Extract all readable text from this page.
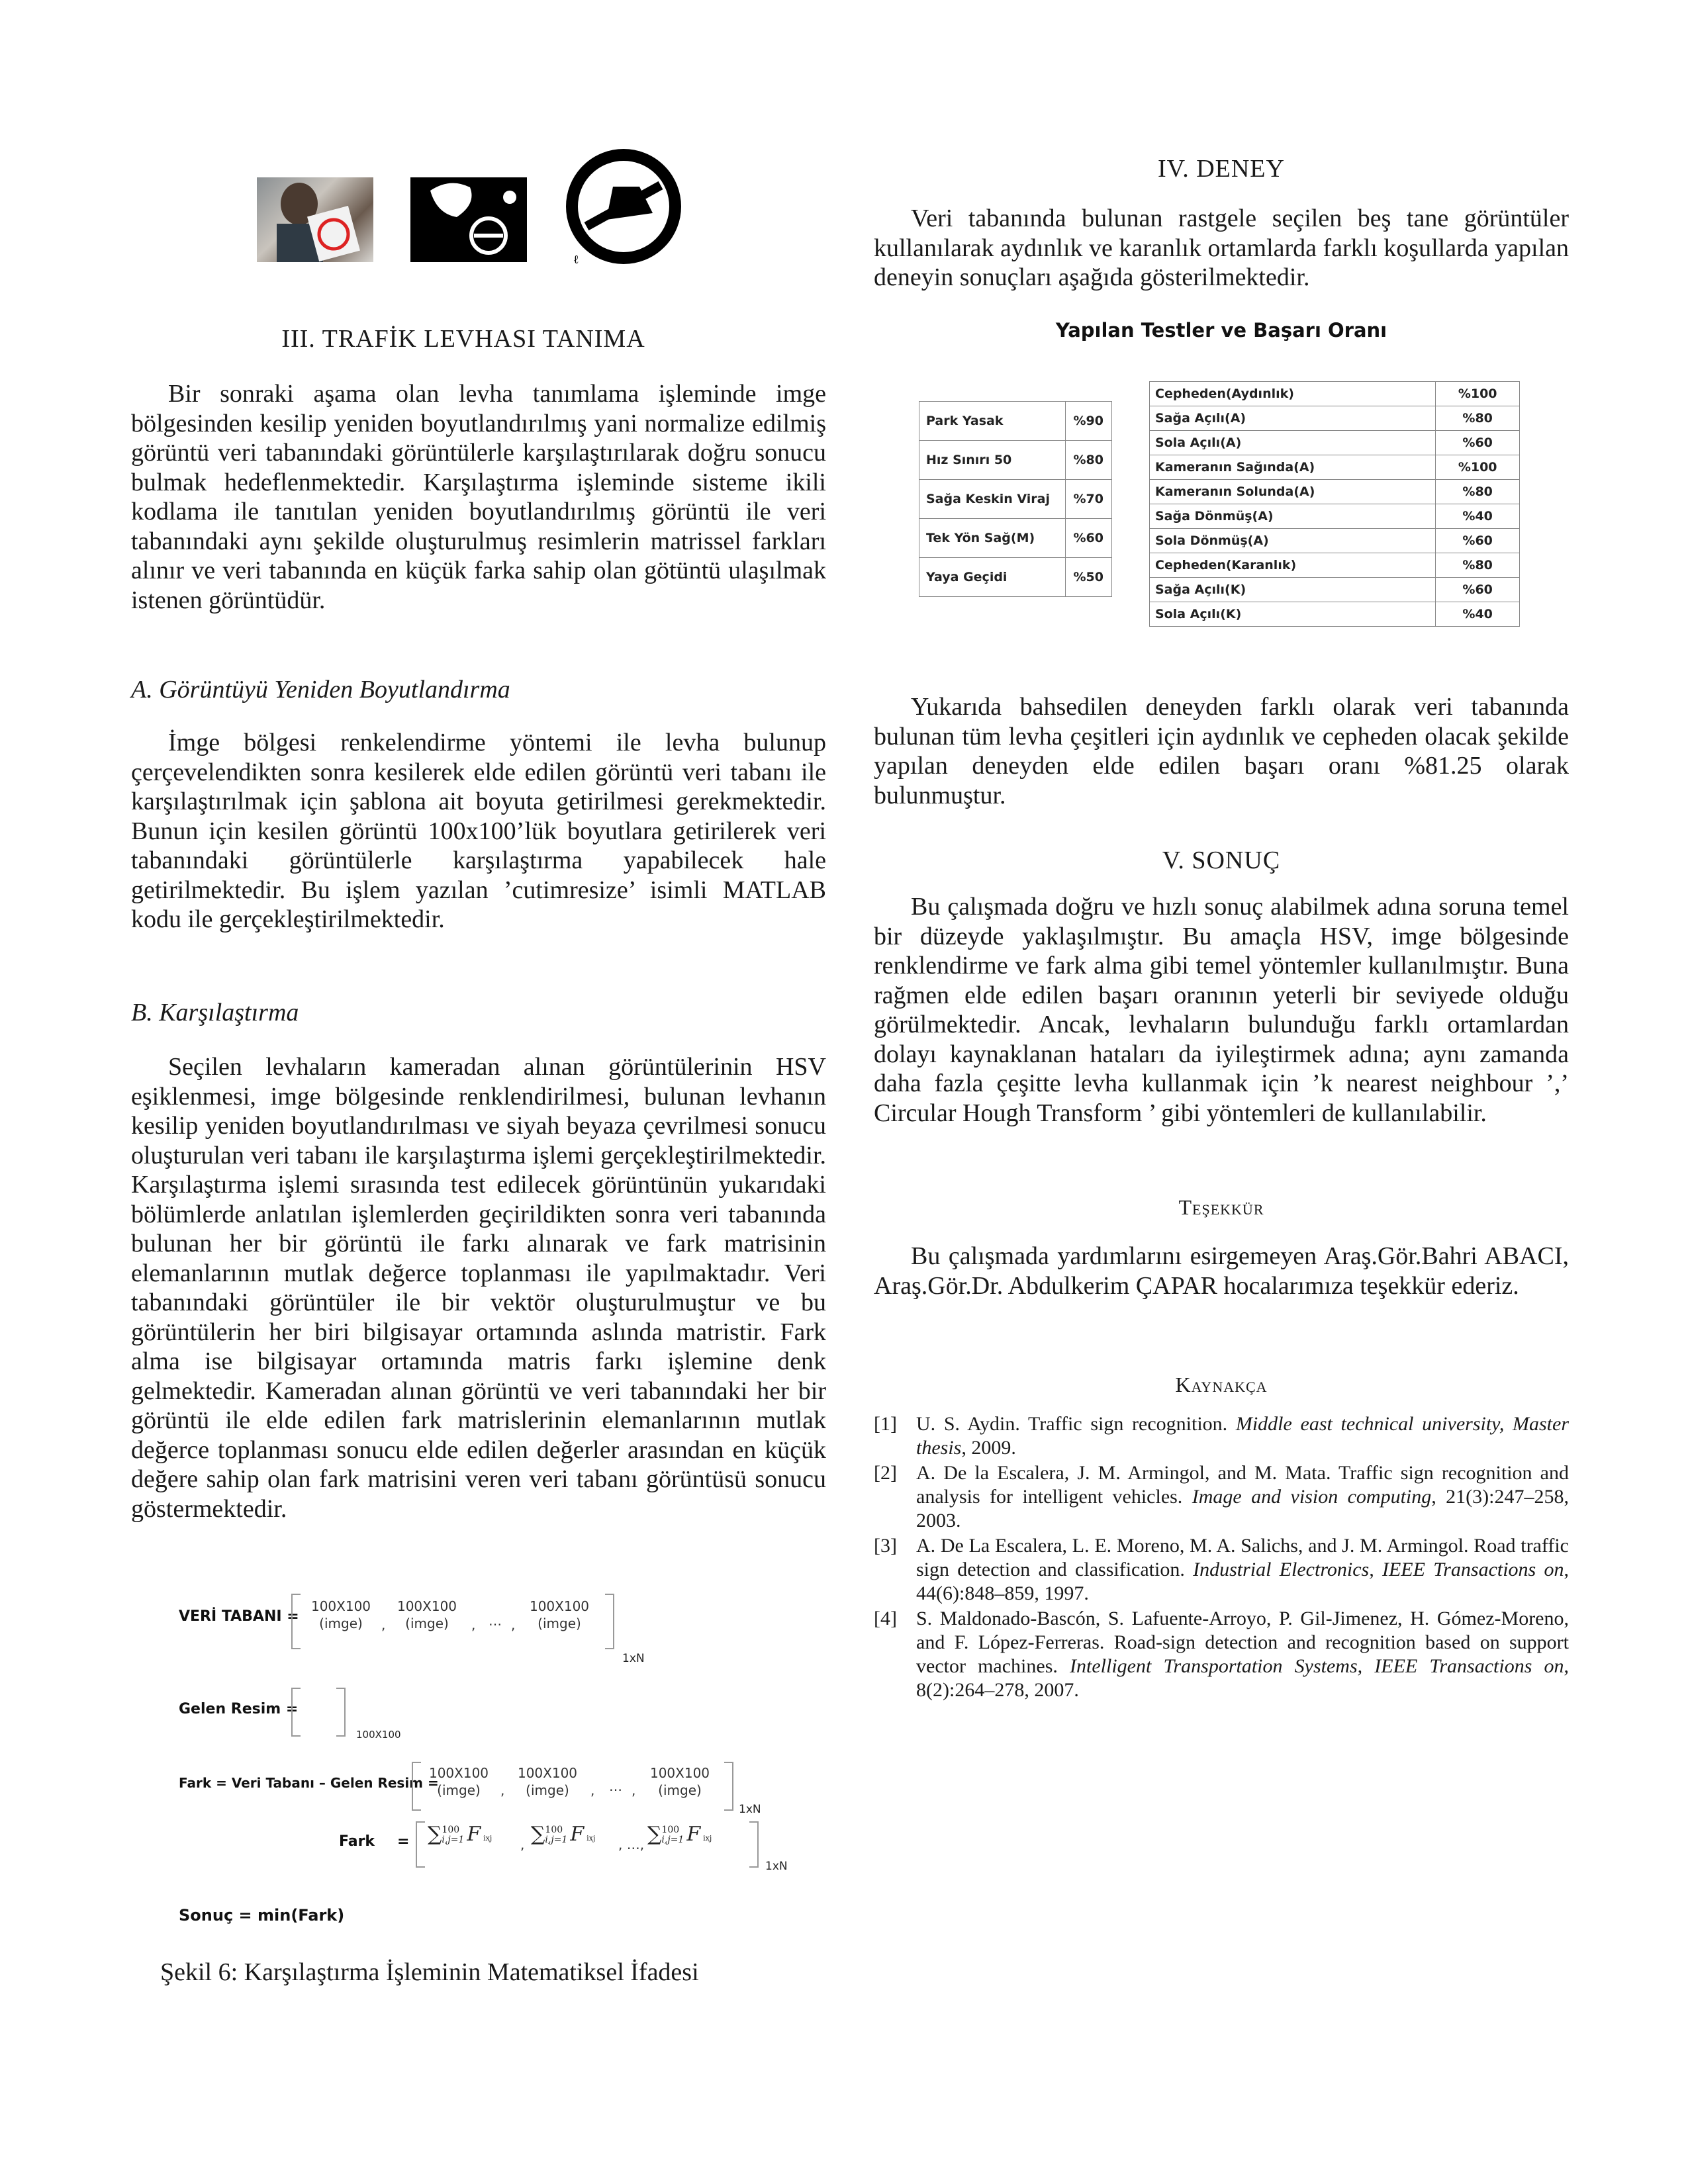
ℓ
III. TRAFİK LEVHASI TANIMA

Bir sonraki aşama olan levha tanımlama işleminde imge bölgesinden kesilip yeniden boyutlandırılmış yani normalize edilmiş görüntü veri tabanındaki görüntülerle karşılaştırılarak doğru sonucu bulmak hedeflenmektedir. Karşılaştırma işleminde sisteme ikili kodlama ile tanıtılan yeniden boyutlandırılmış görüntü ile veri tabanındaki aynı şekilde oluşturulmuş resimlerin matrissel farkları alınır ve veri tabanında en küçük farka sahip olan götüntü ulaşılmak istenen görüntüdür.

A. Görüntüyü Yeniden Boyutlandırma

İmge bölgesi renkelendirme yöntemi ile levha bulunup çerçevelendikten sonra kesilerek elde edilen görüntü veri tabanı ile karşılaştırılmak için şablona ait boyuta getirilmesi gerekmektedir. Bunun için kesilen görüntü 100x100’lük boyutlara getirilerek veri tabanındaki görüntülerle karşılaştırma yapabilecek hale getirilmektedir. Bu işlem yazılan ’cutimresize’ isimli MATLAB kodu ile gerçekleştirilmektedir.

B. Karşılaştırma

Seçilen levhaların kameradan alınan görüntülerinin HSV eşiklenmesi, imge bölgesinde renklendirilmesi, bulunan levhanın kesilip yeniden boyutlandırılması ve siyah beyaza çevrilmesi sonucu oluşturulan veri tabanı ile karşılaştırma işlemi gerçekleştirilmektedir. Karşılaştırma işlemi sırasında test edilecek görüntünün yukarıdaki bölümlerde anlatılan işlemlerden geçirildikten sonra veri tabanında bulunan her bir görüntü ile farkı alınarak ve fark matrisinin elemanlarının mutlak değerce toplanması ile yapılmaktadır. Veri tabanındaki görüntüler ile bir vektör oluşturulmuştur ve bu görüntülerin her biri bilgisayar ortamında aslında matristir. Fark alma ise bilgisayar ortamında matris farkı işlemine denk gelmektedir. Kameradan alınan görüntü ve veri tabanındaki her bir görüntü ile elde edilen fark matrislerinin elemanlarının mutlak değerce toplanması sonucu elde edilen değerler arasından en küçük değere sahip olan fark matrisini veren veri tabanı görüntüsü sonucu göstermektedir.

VERİ TABANI =
100X100
(imge)	,
100X100
(imge)	, … ,
100X100
(imge)
1xN
Gelen Resim =
100X100
Fark = Veri Tabanı – Gelen Resim =
100X100
(imge)	,
100X100
(imge)	, … ,
100X100
(imge)
1xN
Fark = ∑ 100
i,j=1 F ixj , ∑ 100
i,j=1 F ixj , …, ∑ 100
i,j=1 F ixj
1xN
Sonuç = min(Fark)
Şekil 6: Karşılaştırma İşleminin Matematiksel İfadesi
IV. DENEY

Veri tabanında bulunan rastgele seçilen beş tane görüntüler kullanılarak aydınlık ve karanlık ortamlarda farklı koşullarda yapılan deneyin sonuçları aşağıda gösterilmektedir.

Yapılan Testler ve Başarı Oranı
Park Yasak	%90
Hız Sınırı 50	%80
Sağa Keskin Viraj	%70
Tek Yön Sağ(M)	%60
Yaya Geçidi	%50
Cepheden(Aydınlık)	%100
Sağa Açılı(A)	%80
Sola Açılı(A)	%60
Kameranın Sağında(A)	%100
Kameranın Solunda(A)	%80
Sağa Dönmüş(A)	%40
Sola Dönmüş(A)	%60
Cepheden(Karanlık)	%80
Sağa Açılı(K)	%60
Sola Açılı(K)	%40

Yukarıda bahsedilen deneyden farklı olarak veri tabanında bulunan tüm levha çeşitleri için aydınlık ve cepheden olacak şekilde yapılan deneyden elde edilen başarı oranı %81.25 olarak bulunmuştur.

V. SONUÇ

Bu çalışmada doğru ve hızlı sonuç alabilmek adına soruna temel bir düzeyde yaklaşılmıştır. Bu amaçla HSV, imge bölgesinde renklendirme ve fark alma gibi temel yöntemler kullanılmıştır. Buna rağmen elde edilen başarı oranının yeterli bir seviyede olduğu görülmektedir. Ancak, levhaların bulunduğu farklı ortamlardan dolayı kaynaklanan hataları da iyileştirmek adına; aynı zamanda daha fazla çeşitte levha kullanmak için ’k nearest neighbour ’,’ Circular Hough Transform ’ gibi yöntemleri de kullanılabilir.

Teşekkür

Bu çalışmada yardımlarını esirgemeyen Araş.Gör.Bahri ABACI, Araş.Gör.Dr. Abdulkerim ÇAPAR hocalarımıza teşekkür ederiz.

Kaynakça
[1] U. S. Aydin. Traffic sign recognition. Middle east technical university, Master thesis, 2009.
[2] A. De la Escalera, J. M. Armingol, and M. Mata. Traffic sign recognition and analysis for intelligent vehicles. Image and vision computing, 21(3):247–258, 2003.
[3] A. De La Escalera, L. E. Moreno, M. A. Salichs, and J. M. Armingol. Road traffic sign detection and classification. Industrial Electronics, IEEE Transactions on, 44(6):848–859, 1997.
[4] S. Maldonado-Bascón, S. Lafuente-Arroyo, P. Gil-Jimenez, H. Gómez-Moreno, and F. López-Ferreras. Road-sign detection and recognition based on support vector machines. Intelligent Transportation Systems, IEEE Transactions on, 8(2):264–278, 2007.
